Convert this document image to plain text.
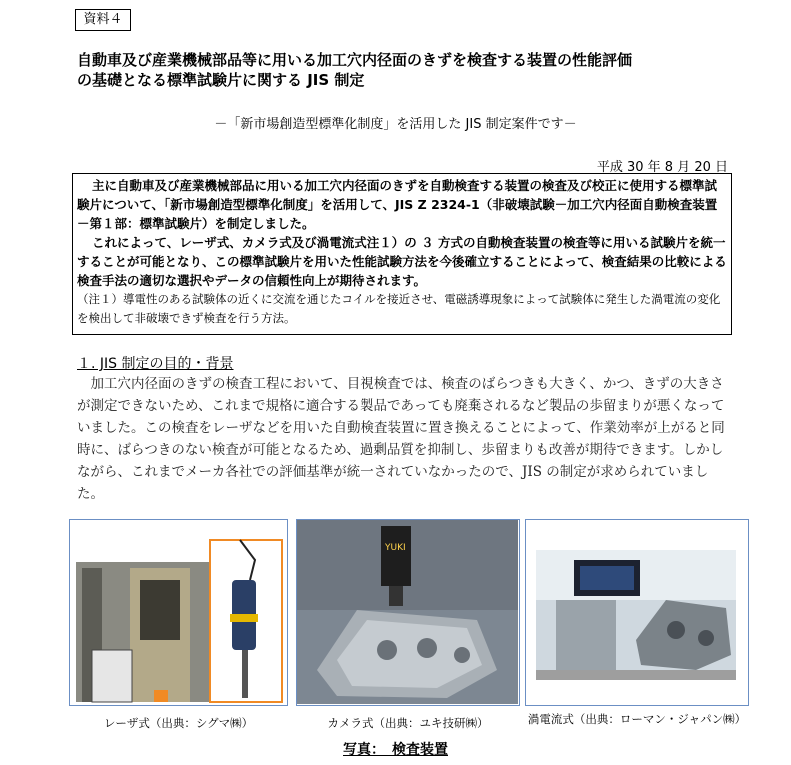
資料４
自動車及び産業機械部品等に用いる加工穴内径面のきずを検査する装置の性能評価
の基礎となる標準試験片に関する JIS 制定
－「新市場創造型標準化制度」を活用した JIS 制定案件です－
平成 30 年 8 月 20 日

主に自動車及び産業機械部品に用いる加工穴内径面のきずを自動検査する装置の検査及び校正に使用する標準試験片について、「新市場創造型標準化制度」を活用して、JIS Z 2324-1（非破壊試験－加工穴内径面自動検査装置－第１部：標準試験片）を制定しました。

これによって、レーザ式、カメラ式及び渦電流式注１）の ３ 方式の自動検査装置の検査等に用いる試験片を統一することが可能となり、この標準試験片を用いた性能試験方法を今後確立することによって、検査結果の比較による検査手法の適切な選択やデータの信頼性向上が期待されます。

（注１）導電性のある試験体の近くに交流を通じたコイルを接近させ、電磁誘導現象によって試験体に発生した渦電流の変化を検出して非破壊できず検査を行う方法。

１. JIS 制定の目的・背景
加工穴内径面のきずの検査工程において、目視検査では、検査のばらつきも大きく、かつ、きずの大きさが測定できないため、これまで規格に適合する製品であっても廃棄されるなど製品の歩留まりが悪くなっていました。この検査をレーザなどを用いた自動検査装置に置き換えることによって、作業効率が上がると同時に、ばらつきのない検査が可能となるため、過剰品質を抑制し、歩留まりも改善が期待できます。しかしながら、これまでメーカ各社での評価基準が統一されていなかったので、JIS の制定が求められていました。
YUKI
レーザ式（出典：シグマ㈱）	カメラ式（出典：ユキ技研㈱）	渦電流式（出典：ローマン・ジャパン㈱）
写真：　検査装置
